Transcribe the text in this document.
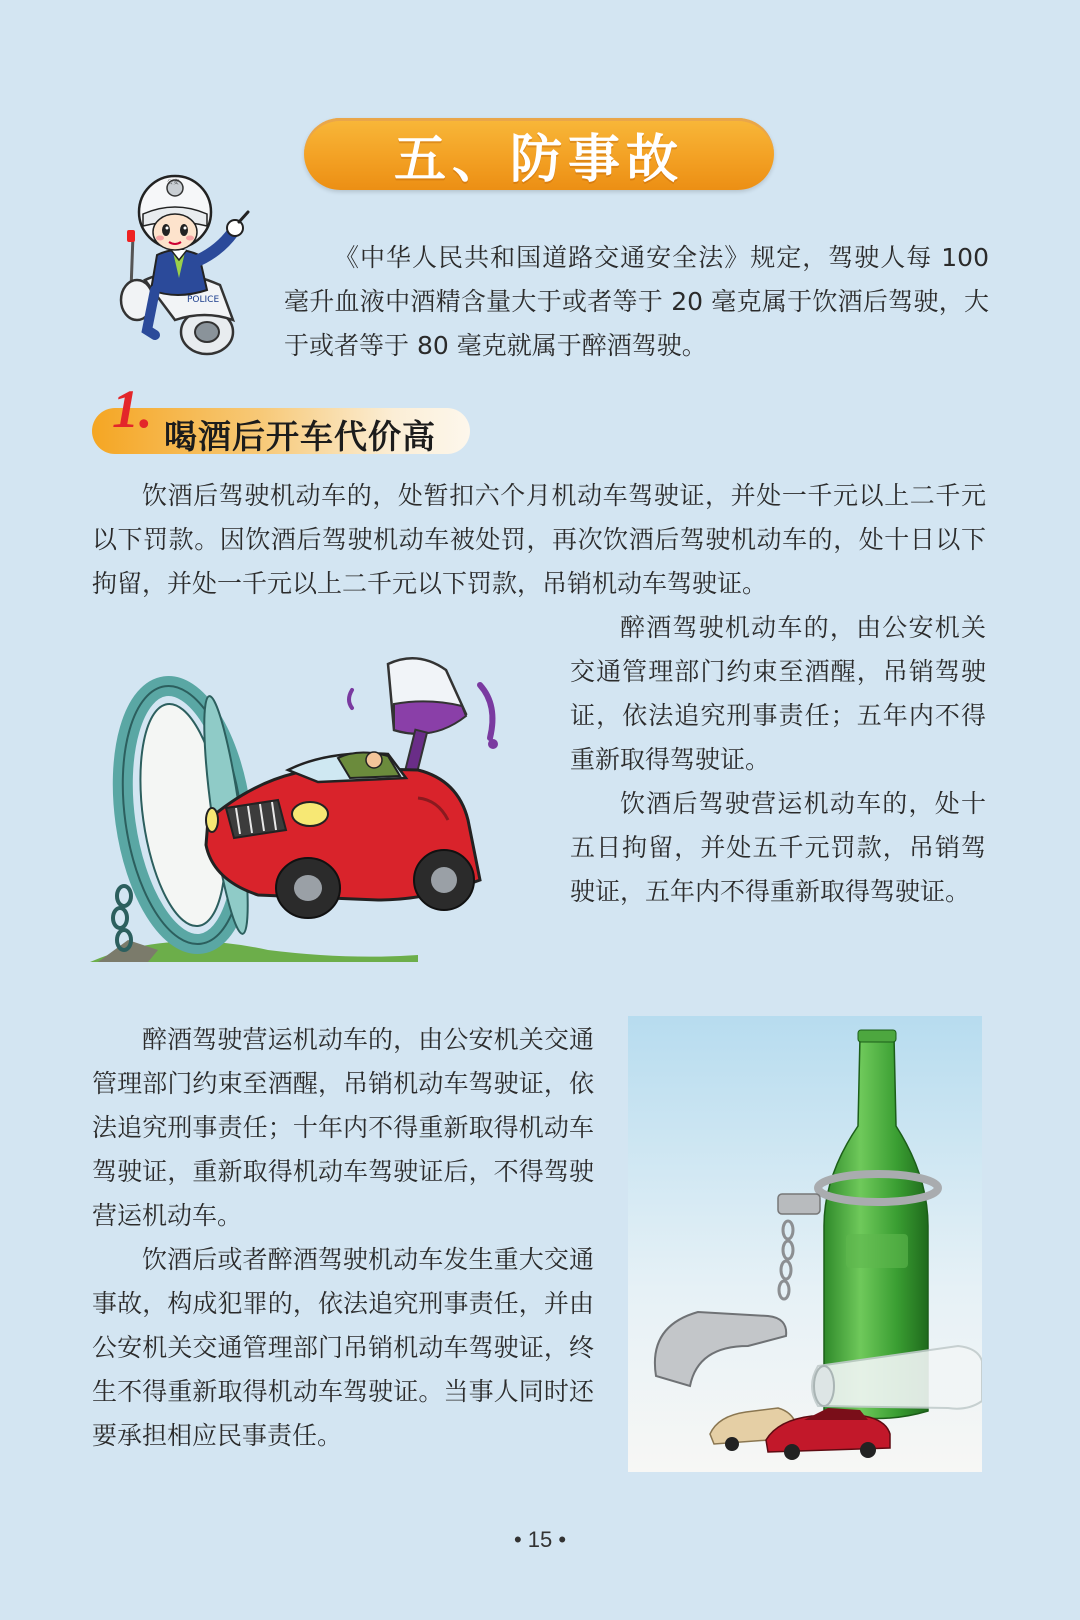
五、防事故
POLICE
公安

《中华人民共和国道路交通安全法》规定，驾驶人每 100 毫升血液中酒精含量大于或者等于 20 毫克属于饮酒后驾驶，大于或者等于 80 毫克就属于醉酒驾驶。

1. 喝酒后开车代价高

饮酒后驾驶机动车的，处暂扣六个月机动车驾驶证，并处一千元以上二千元以下罚款。因饮酒后驾驶机动车被处罚，再次饮酒后驾驶机动车的，处十日以下拘留，并处一千元以上二千元以下罚款，吊销机动车驾驶证。

醉酒驾驶机动车的，由公安机关交通管理部门约束至酒醒，吊销驾驶证，依法追究刑事责任；五年内不得重新取得驾驶证。

饮酒后驾驶营运机动车的，处十五日拘留，并处五千元罚款，吊销驾驶证，五年内不得重新取得驾驶证。

醉酒驾驶营运机动车的，由公安机关交通管理部门约束至酒醒，吊销机动车驾驶证，依法追究刑事责任；十年内不得重新取得机动车驾驶证，重新取得机动车驾驶证后，不得驾驶营运机动车。

饮酒后或者醉酒驾驶机动车发生重大交通事故，构成犯罪的，依法追究刑事责任，并由公安机关交通管理部门吊销机动车驾驶证，终生不得重新取得机动车驾驶证。当事人同时还要承担相应民事责任。

• 15 •
